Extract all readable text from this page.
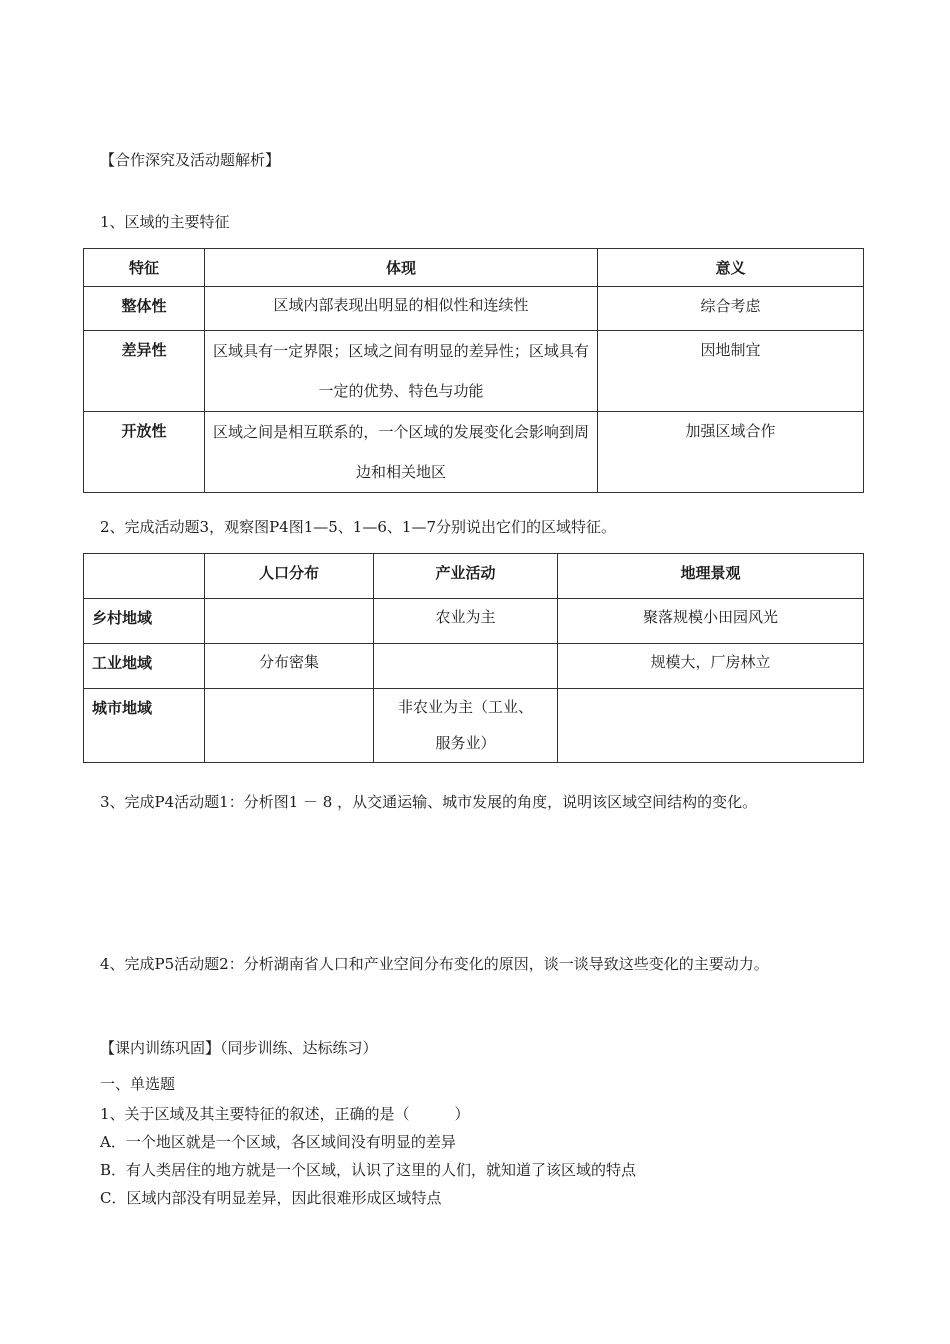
【合作深究及活动题解析】
1、区域的主要特征
特征	体现	意义
整体性	区域内部表现出明显的相似性和连续性	综合考虑
差异性	区域具有一定界限；区域之间有明显的差异性；区域具有一定的优势、特色与功能	因地制宜
开放性	区域之间是相互联系的，一个区域的发展变化会影响到周边和相关地区	加强区域合作
2、完成活动题3，观察图P4图1—5、1—6、1—7分别说出它们的区域特征。
	人口分布	产业活动	地理景观
乡村地域		农业为主	聚落规模小田园风光
工业地域	分布密集		规模大，厂房林立
城市地域		非农业为主（工业、服务业）	
3、完成P4活动题1：分析图1 － 8 ，从交通运输、城市发展的角度，说明该区域空间结构的变化。
4、完成P5活动题2：分析湖南省人口和产业空间分布变化的原因，谈一谈导致这些变化的主要动力。
【课内训练巩固】（同步训练、达标练习）
一、单选题
1、关于区域及其主要特征的叙述，正确的是（　　　）
A．一个地区就是一个区域，各区域间没有明显的差异
B．有人类居住的地方就是一个区域，认识了这里的人们，就知道了该区域的特点
C．区域内部没有明显差异，因此很难形成区域特点
